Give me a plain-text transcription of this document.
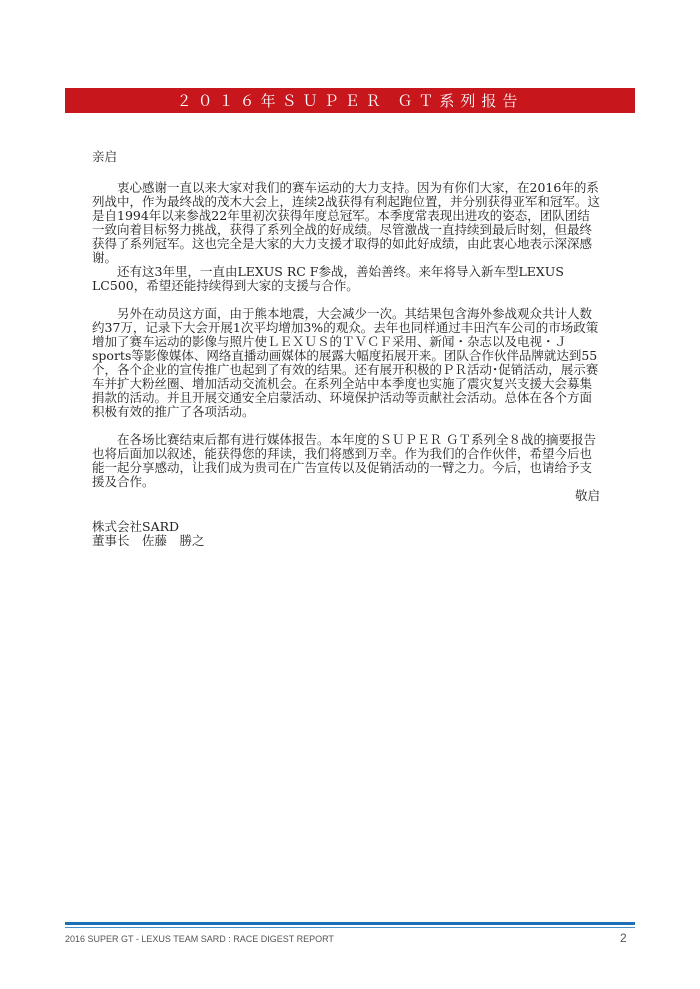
２０１６年ＳＵＰＥＲ ＧＴ系列报告

亲启

衷心感谢一直以来大家对我们的赛车运动的大力支持。因为有你们大家，在2016年的系列战中，作为最终战的茂木大会上，连续2战获得有利起跑位置，并分别获得亚军和冠军。这是自1994年以来参战22年里初次获得年度总冠军。本季度常表现出进攻的姿态，团队团结一致向着目标努力挑战，获得了系列全战的好成绩。尽管激战一直持续到最后时刻，但最终获得了系列冠军。这也完全是大家的大力支援才取得的如此好成绩，由此衷心地表示深深感谢。

还有这3年里，一直由LEXUS RC F参战，善始善终。来年将导入新车型LEXUS LC500，希望还能持续得到大家的支援与合作。

另外在动员这方面，由于熊本地震，大会减少一次。其结果包含海外参战观众共计人数约37万，记录下大会开展1次平均增加3%的观众。去年也同样通过丰田汽车公司的市场政策增加了赛车运动的影像与照片使ＬＥＸＵＳ的ＴＶＣＦ采用、新闻・杂志以及电视・Ｊ sports等影像媒体、网络直播动画媒体的展露大幅度拓展开来。团队合作伙伴品牌就达到55个，各个企业的宣传推广也起到了有效的结果。还有展开积极的ＰＲ活动･促销活动，展示赛车并扩大粉丝圈、增加活动交流机会。在系列全站中本季度也实施了震灾复兴支援大会募集捐款的活动。并且开展交通安全启蒙活动、环境保护活动等贡献社会活动。总体在各个方面积极有效的推广了各项活动。

在各场比赛结束后都有进行媒体报告。本年度的ＳＵＰＥＲ ＧＴ系列全８战的摘要报告也将后面加以叙述，能获得您的拜读，我们将感到万幸。作为我们的合作伙伴，希望今后也能一起分享感动，让我们成为贵司在广告宣传以及促销活动的一臂之力。今后，也请给予支援及合作。

敬启

株式会社SARD
董事长　佐藤　勝之
2016 SUPER GT - LEXUS TEAM SARD : RACE DIGEST REPORT	2
